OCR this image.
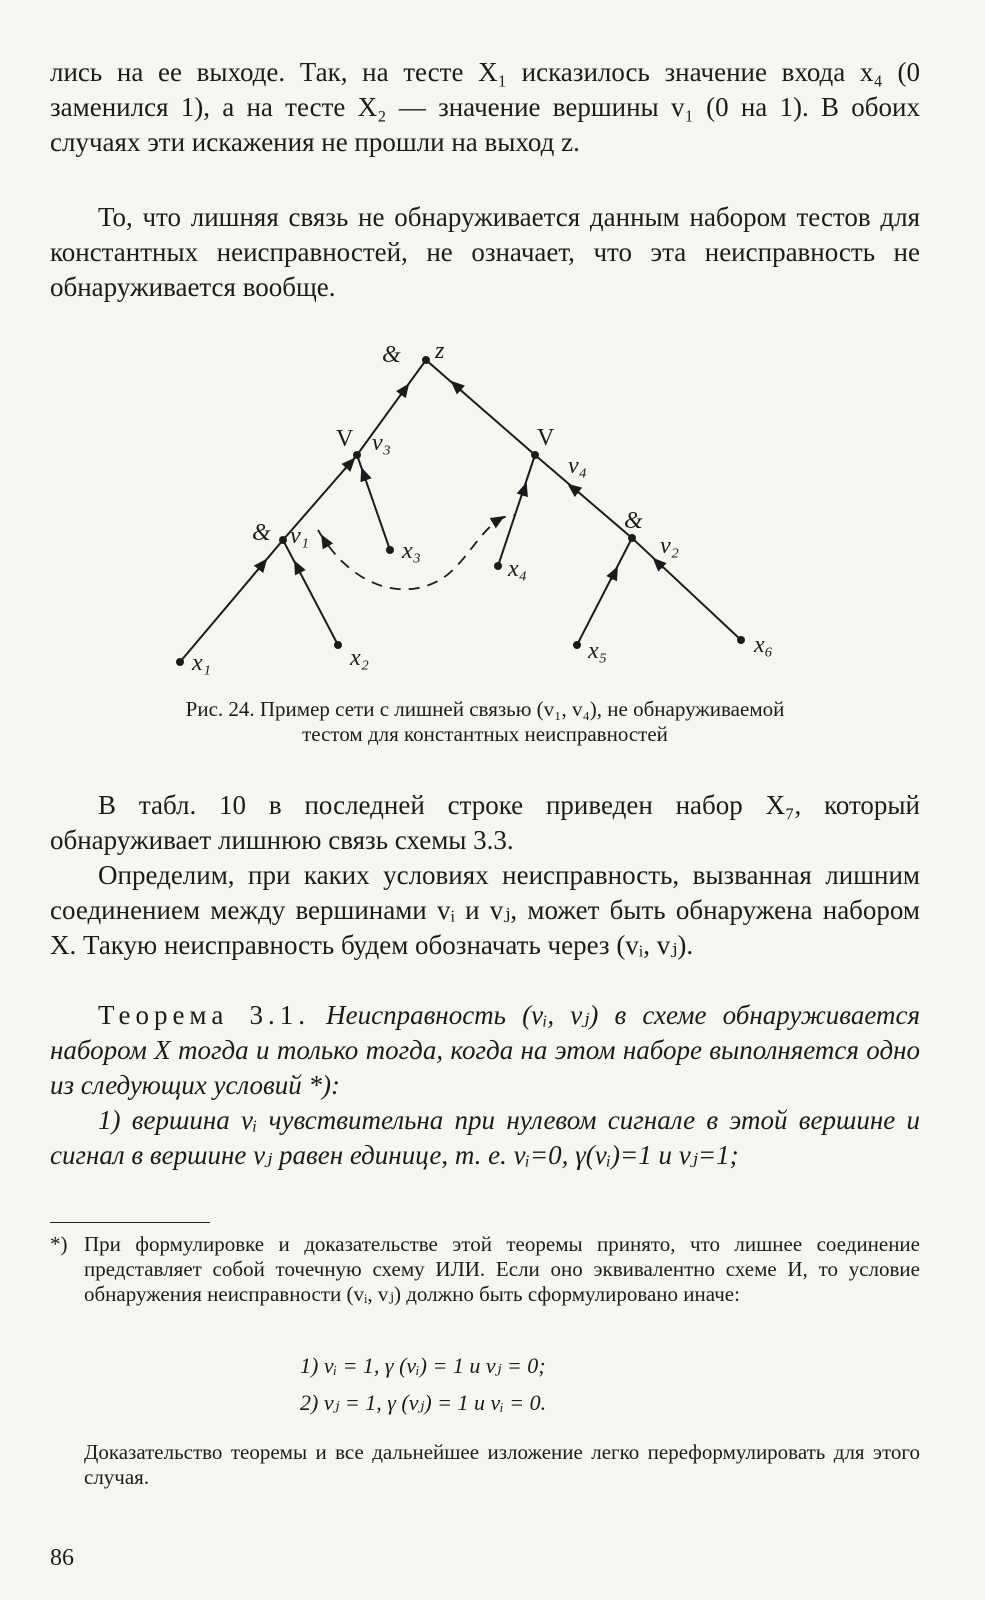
лись на ее выходе. Так, на тесте X₁ исказилось значение входа x₄ (0 заменился 1), а на тесте X₂ — значение вершины v₁ (0 на 1). В обоих случаях эти искажения не прошли на выход z.

То, что лишняя связь не обнаруживается данным набором тестов для константных неисправностей, не означает, что эта неисправность не обнаруживается вообще.

& z
V v₃	V
v₄
& v₁
x₃
x₄
&
v₂
x₁	x₂	x₅	x₆

Рис. 24. Пример сети с лишней связью (v₁, v₄), не обнаруживаемой

тестом для константных неисправностей

В табл. 10 в последней строке приведен набор X₇, который обнаруживает лишнюю связь схемы 3.3.

Определим, при каких условиях неисправность, вызванная лишним соединением между вершинами vᵢ и vⱼ, может быть обнаружена набором X. Такую неисправность будем обозначать через (vᵢ, vⱼ).

Теорема 3.1. Неисправность (vᵢ, vⱼ) в схеме обнаруживается набором X тогда и только тогда, когда на этом наборе выполняется одно из следующих условий *):

1) вершина vᵢ чувствительна при нулевом сигнале в этой вершине и сигнал в вершине vⱼ равен единице, т. е. vᵢ=0, γ(vᵢ)=1 и vⱼ=1;

*) При формулировке и доказательстве этой теоремы принято, что лишнее соединение представляет собой точечную схему ИЛИ. Если оно эквивалентно схеме И, то условие обнаружения неисправности (vᵢ, vⱼ) должно быть сформулировано иначе:

1) vᵢ = 1, γ (vᵢ) = 1 и vⱼ = 0;

2) vⱼ = 1, γ (vⱼ) = 1 и vᵢ = 0.

Доказательство теоремы и все дальнейшее изложение легко переформулировать для этого случая.
86
